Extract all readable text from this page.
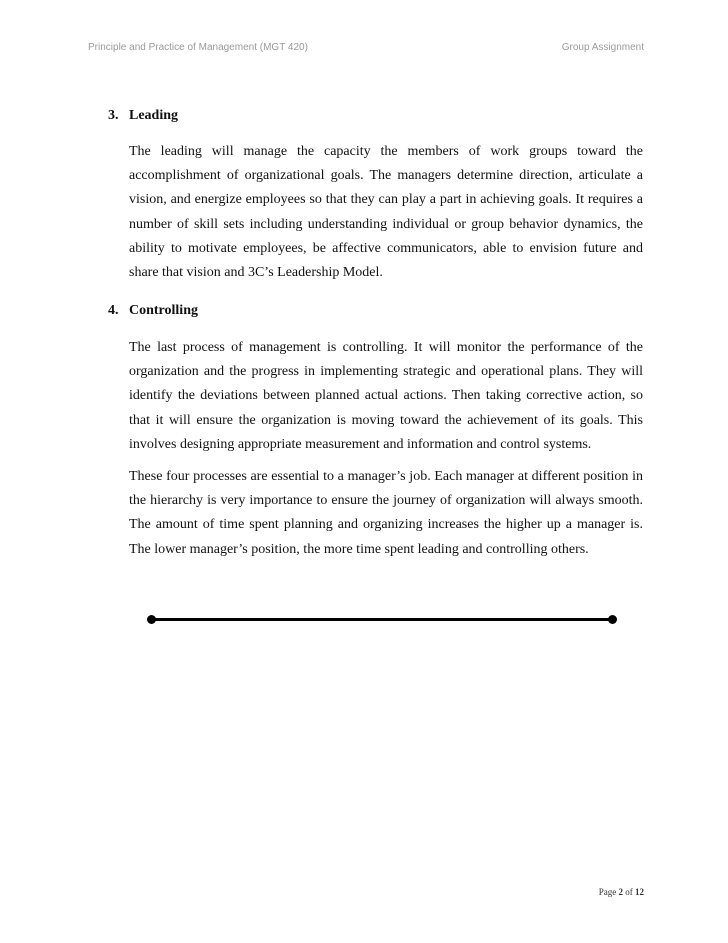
Principle and Practice of Management (MGT 420)	Group Assignment
3. Leading
The leading will manage the capacity the members of work groups toward the accomplishment of organizational goals. The managers determine direction, articulate a vision, and energize employees so that they can play a part in achieving goals. It requires a number of skill sets including understanding individual or group behavior dynamics, the ability to motivate employees, be affective communicators, able to envision future and share that vision and 3C’s Leadership Model.
4. Controlling
The last process of management is controlling. It will monitor the performance of the organization and the progress in implementing strategic and operational plans. They will identify the deviations between planned actual actions. Then taking corrective action, so that it will ensure the organization is moving toward the achievement of its goals. This involves designing appropriate measurement and information and control systems.
These four processes are essential to a manager’s job. Each manager at different position in the hierarchy is very importance to ensure the journey of organization will always smooth. The amount of time spent planning and organizing increases the higher up a manager is. The lower manager’s position, the more time spent leading and controlling others.
Page 2 of 12
